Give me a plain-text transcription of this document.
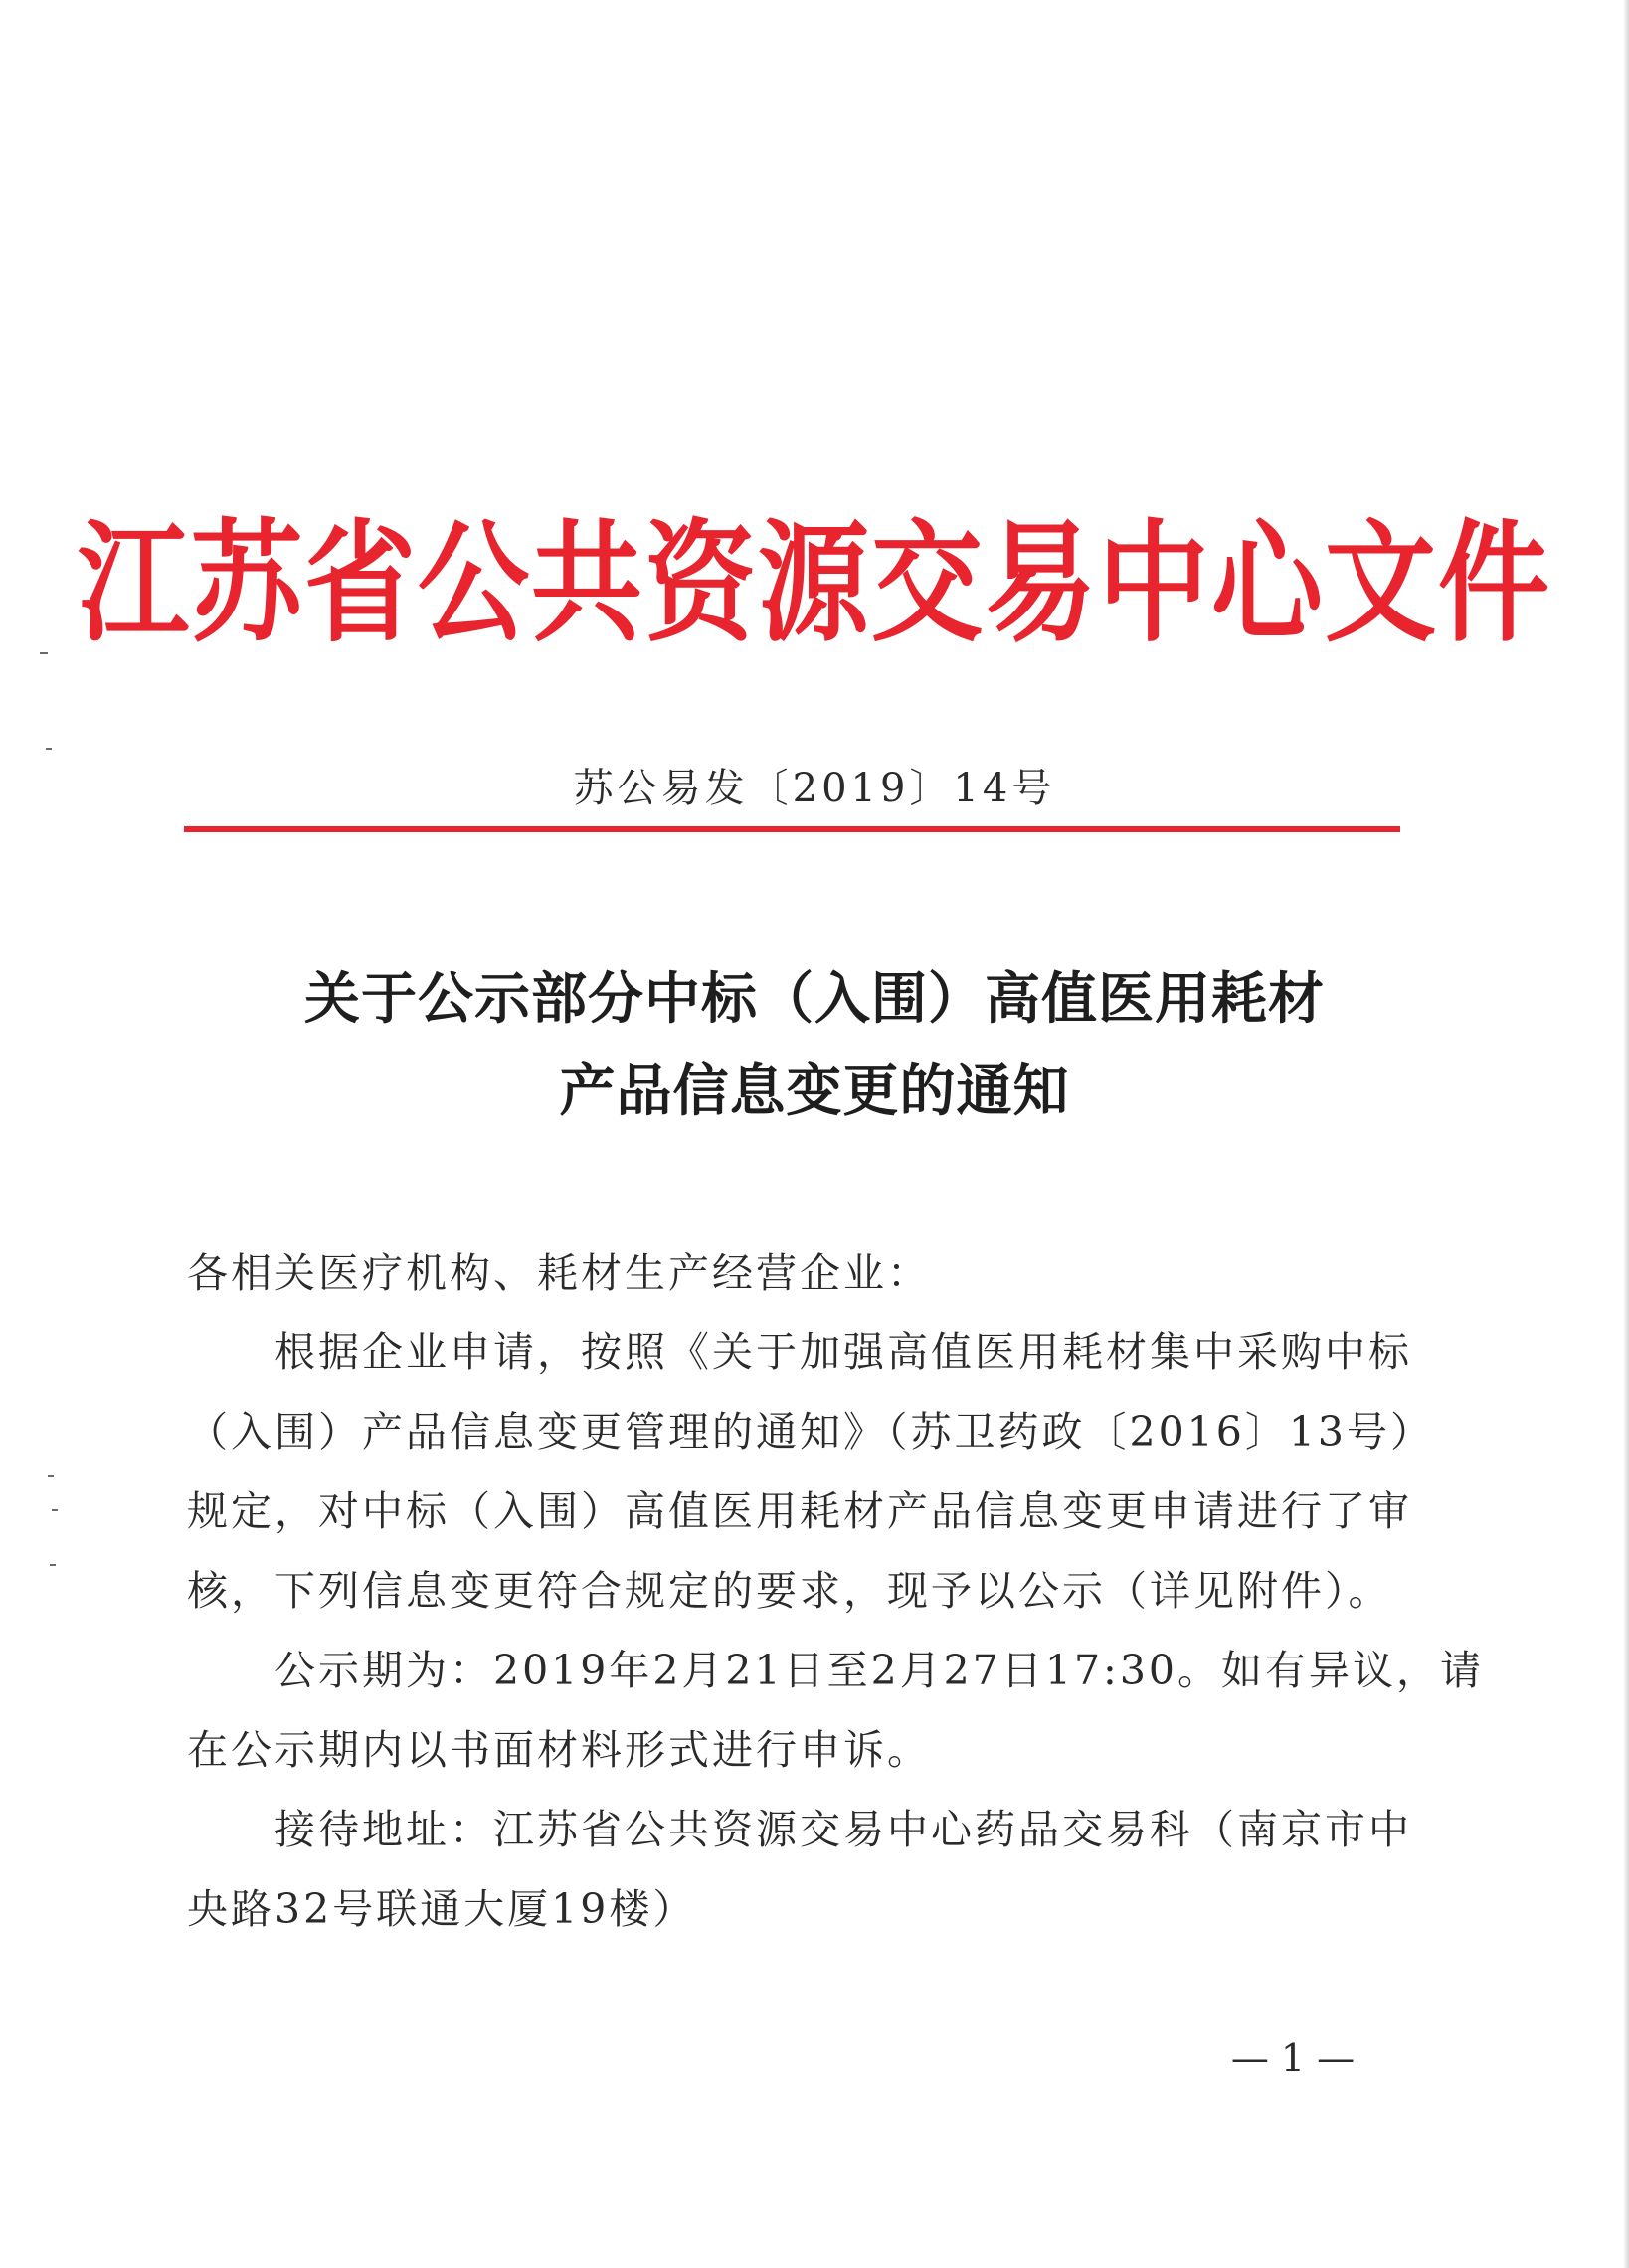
江苏省公共资源交易中心文件
苏公易发〔2019〕14号
关于公示部分中标（入围）高值医用耗材
产品信息变更的通知
各相关医疗机构、耗材生产经营企业：
　　根据企业申请，按照《关于加强高值医用耗材集中采购中标
（入围）产品信息变更管理的通知》（苏卫药政〔2016〕13号）
规定，对中标（入围）高值医用耗材产品信息变更申请进行了审
核，下列信息变更符合规定的要求，现予以公示（详见附件）。
　　公示期为：2019年2月21日至2月27日17:30。如有异议，请
在公示期内以书面材料形式进行申诉。
　　接待地址：江苏省公共资源交易中心药品交易科（南京市中
央路32号联通大厦19楼）
— 1 —
